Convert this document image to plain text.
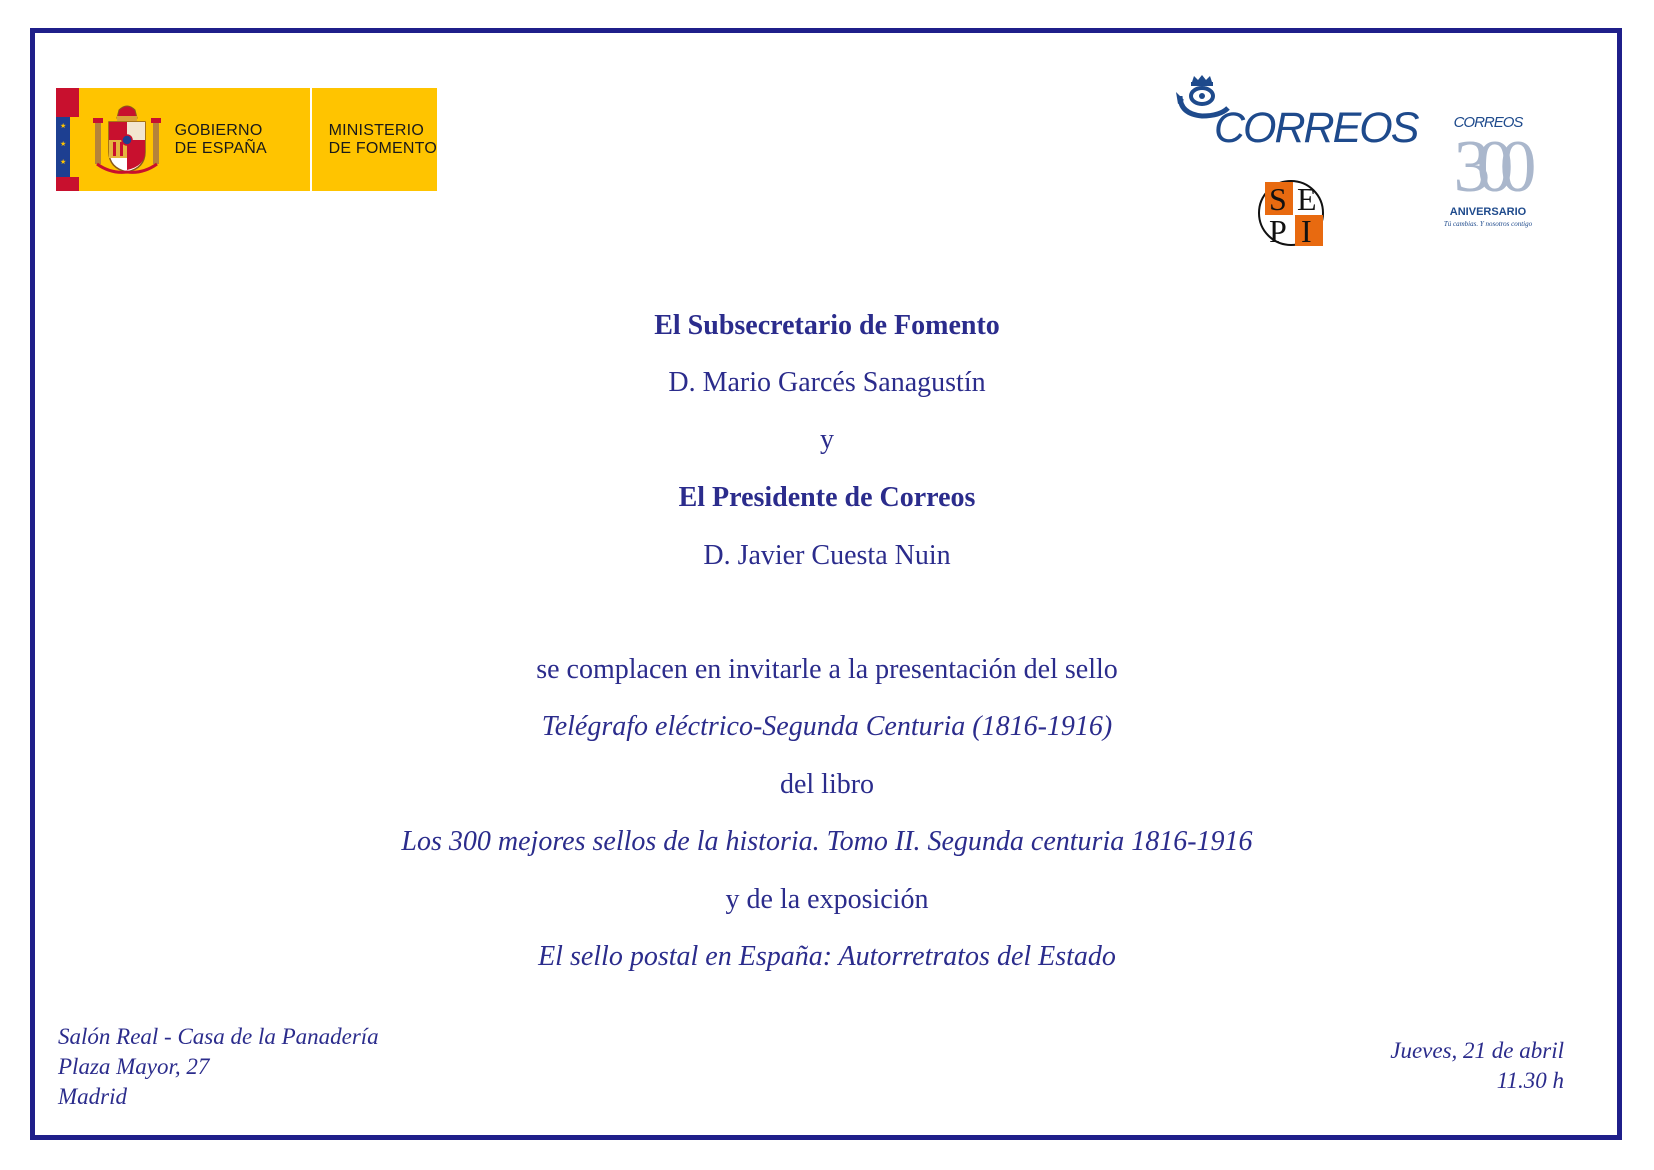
★
★
★
GOBIERNO
DE ESPAÑA
MINISTERIO
DE FOMENTO	CORREOS
S E
P I
CORREOS
300
ANIVERSARIO
Tú cambias. Y nosotros contigo
El Subsecretario de Fomento
D. Mario Garcés Sanagustín
y
El Presidente de Correos
D. Javier Cuesta Nuin
se complacen en invitarle a la presentación del sello
Telégrafo eléctrico-Segunda Centuria (1816-1916)
del libro
Los 300 mejores sellos de la historia. Tomo II. Segunda centuria 1816-1916
y de la exposición
El sello postal en España: Autorretratos del Estado
Salón Real - Casa de la Panadería
Plaza Mayor, 27
Madrid
Jueves, 21 de abril
11.30 h
